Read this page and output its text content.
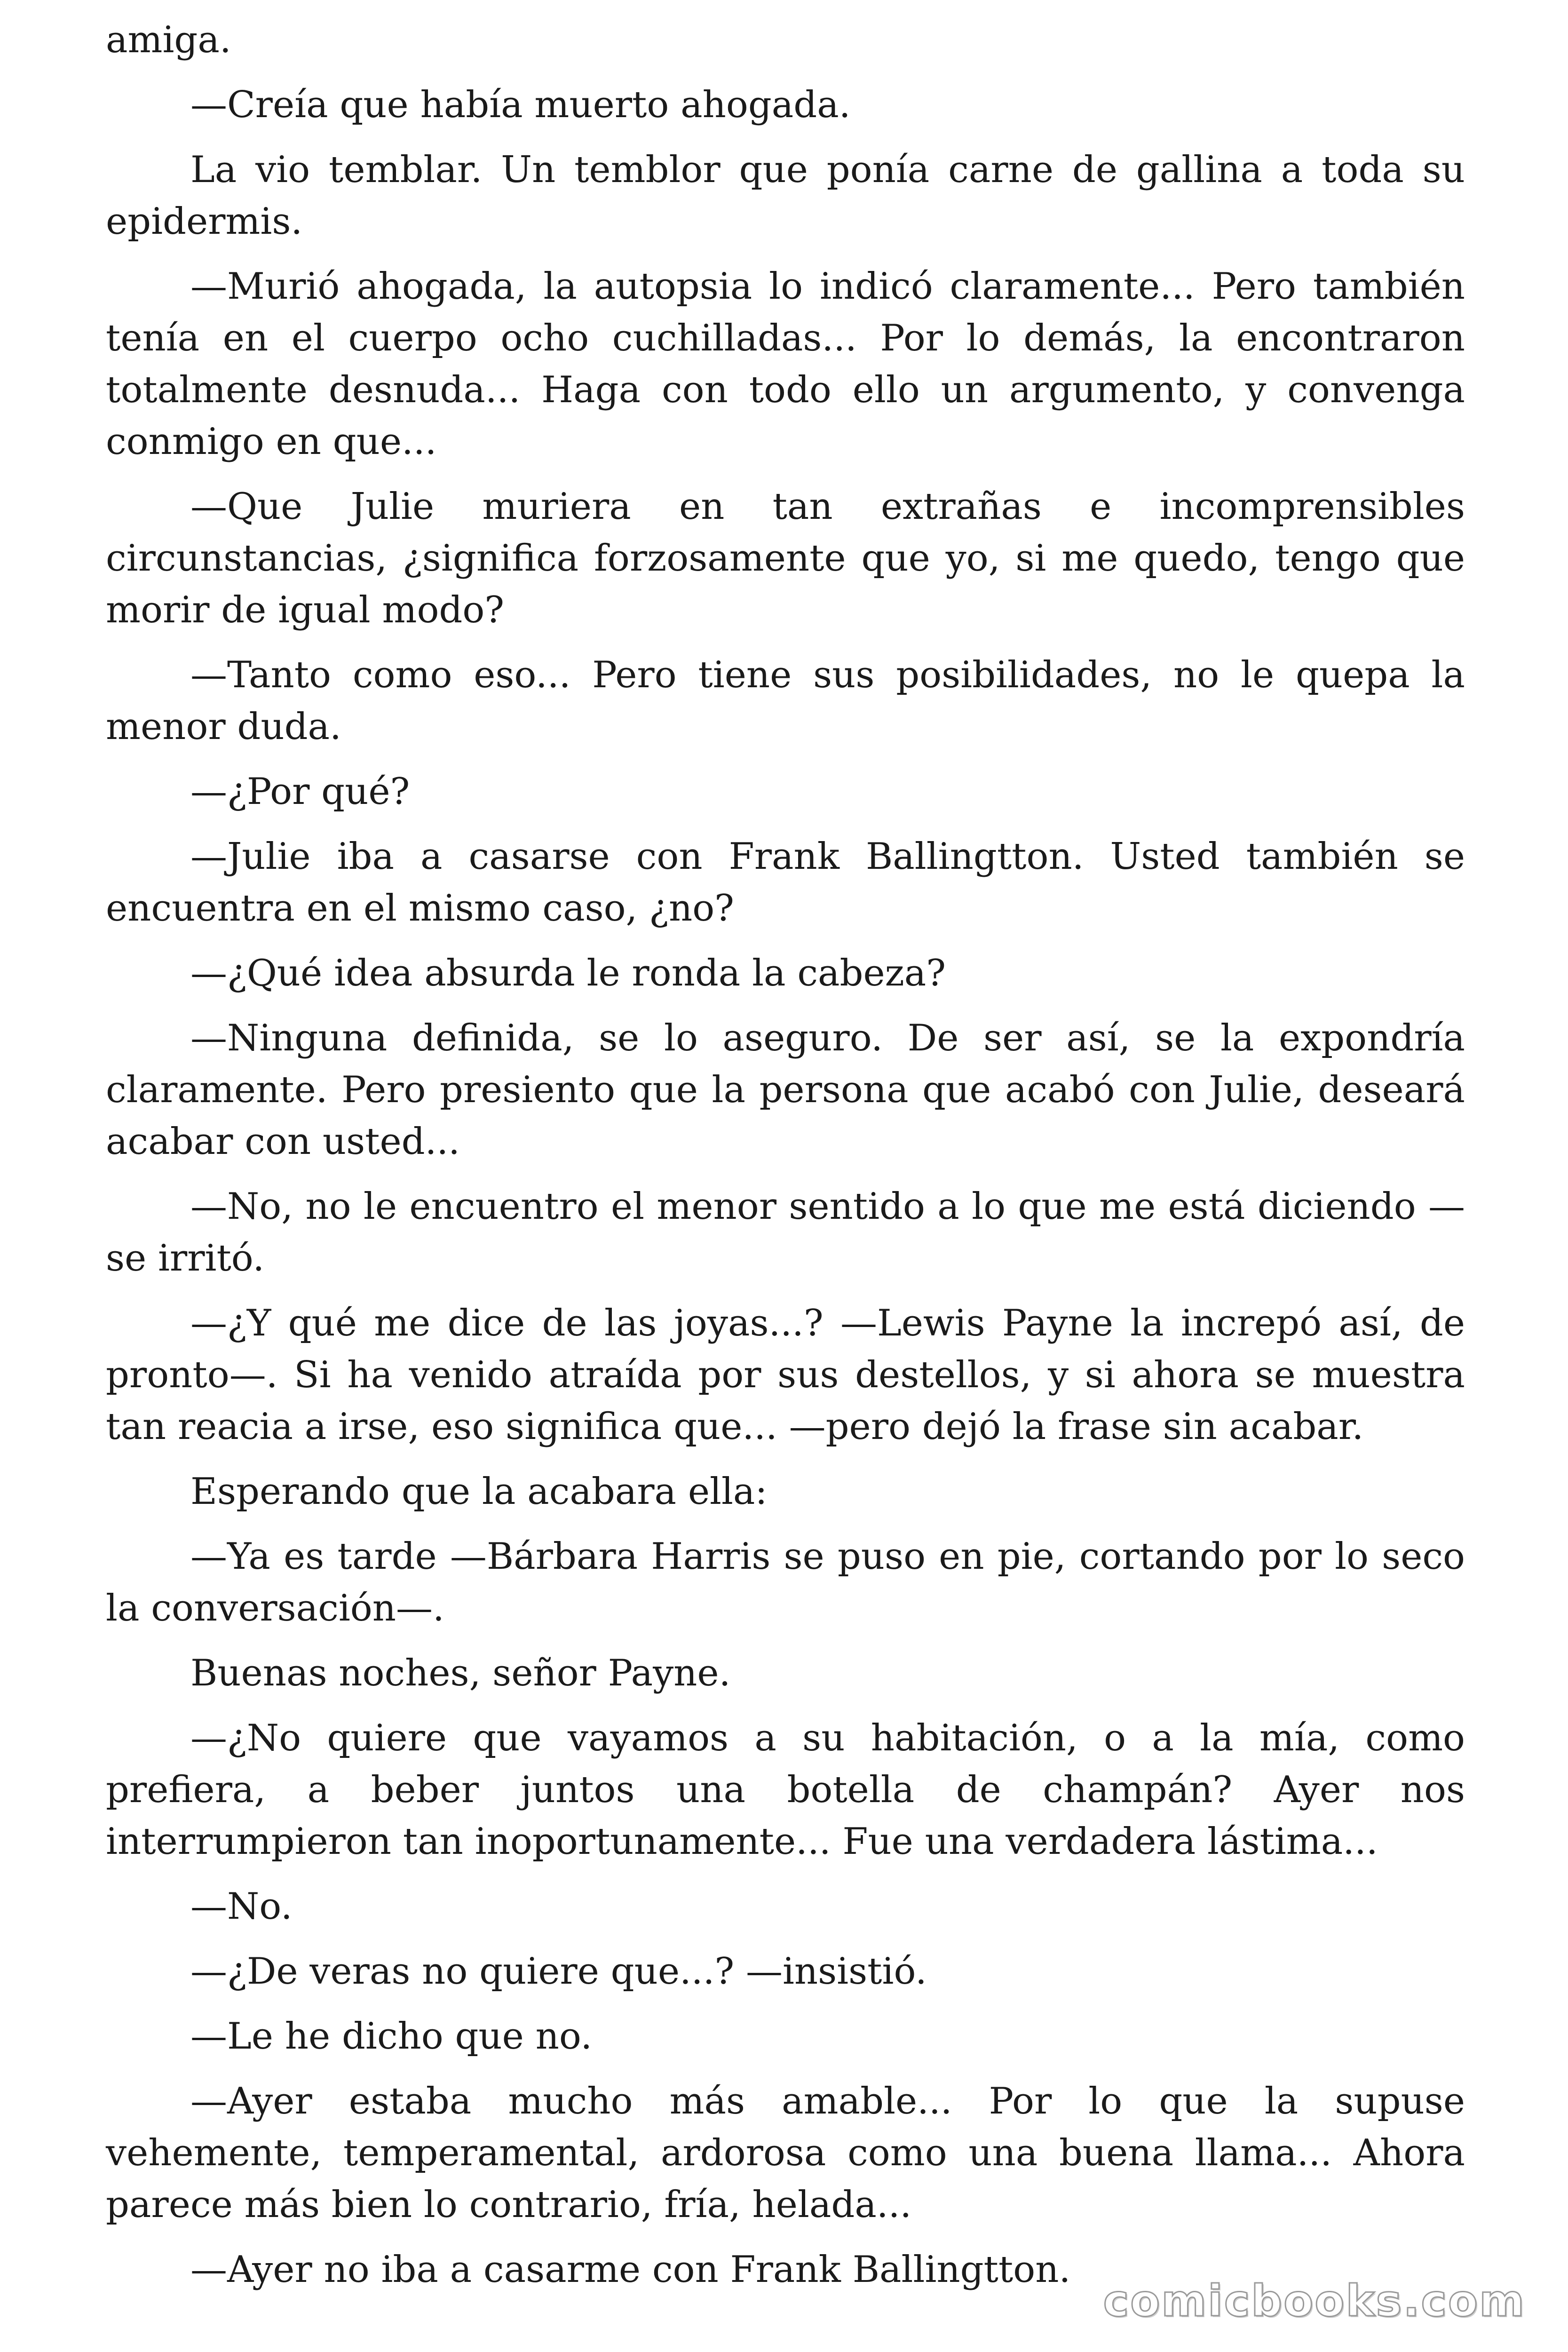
amiga.

—Creía que había muerto ahogada.

La vio temblar. Un temblor que ponía carne de gallina a toda su epidermis.

—Murió ahogada, la autopsia lo indicó claramente... Pero también tenía en el cuerpo ocho cuchilladas... Por lo demás, la encontraron totalmente desnuda... Haga con todo ello un argumento, y convenga conmigo en que...

—Que Julie muriera en tan extrañas e incomprensibles circunstancias, ¿significa forzosamente que yo, si me quedo, tengo que morir de igual modo?

—Tanto como eso... Pero tiene sus posibilidades, no le quepa la menor duda.

—¿Por qué?

—Julie iba a casarse con Frank Ballingtton. Usted también se encuentra en el mismo caso, ¿no?

—¿Qué idea absurda le ronda la cabeza?

—Ninguna definida, se lo aseguro. De ser así, se la expondría claramente. Pero presiento que la persona que acabó con Julie, deseará acabar con usted...

—No, no le encuentro el menor sentido a lo que me está diciendo —se irritó.

—¿Y qué me dice de las joyas...? —Lewis Payne la increpó así, de pronto—. Si ha venido atraída por sus destellos, y si ahora se muestra tan reacia a irse, eso significa que... —pero dejó la frase sin acabar.

Esperando que la acabara ella:

—Ya es tarde —Bárbara Harris se puso en pie, cortando por lo seco la conversación—.

Buenas noches, señor Payne.

—¿No quiere que vayamos a su habitación, o a la mía, como prefiera, a beber juntos una botella de champán? Ayer nos interrumpieron tan inoportunamente... Fue una verdadera lástima...

—No.

—¿De veras no quiere que...? —insistió.

—Le he dicho que no.

—Ayer estaba mucho más amable... Por lo que la supuse vehemente, temperamental, ardorosa como una buena llama... Ahora parece más bien lo contrario, fría, helada...

—Ayer no iba a casarme con Frank Ballingtton.

comicbooks.com
